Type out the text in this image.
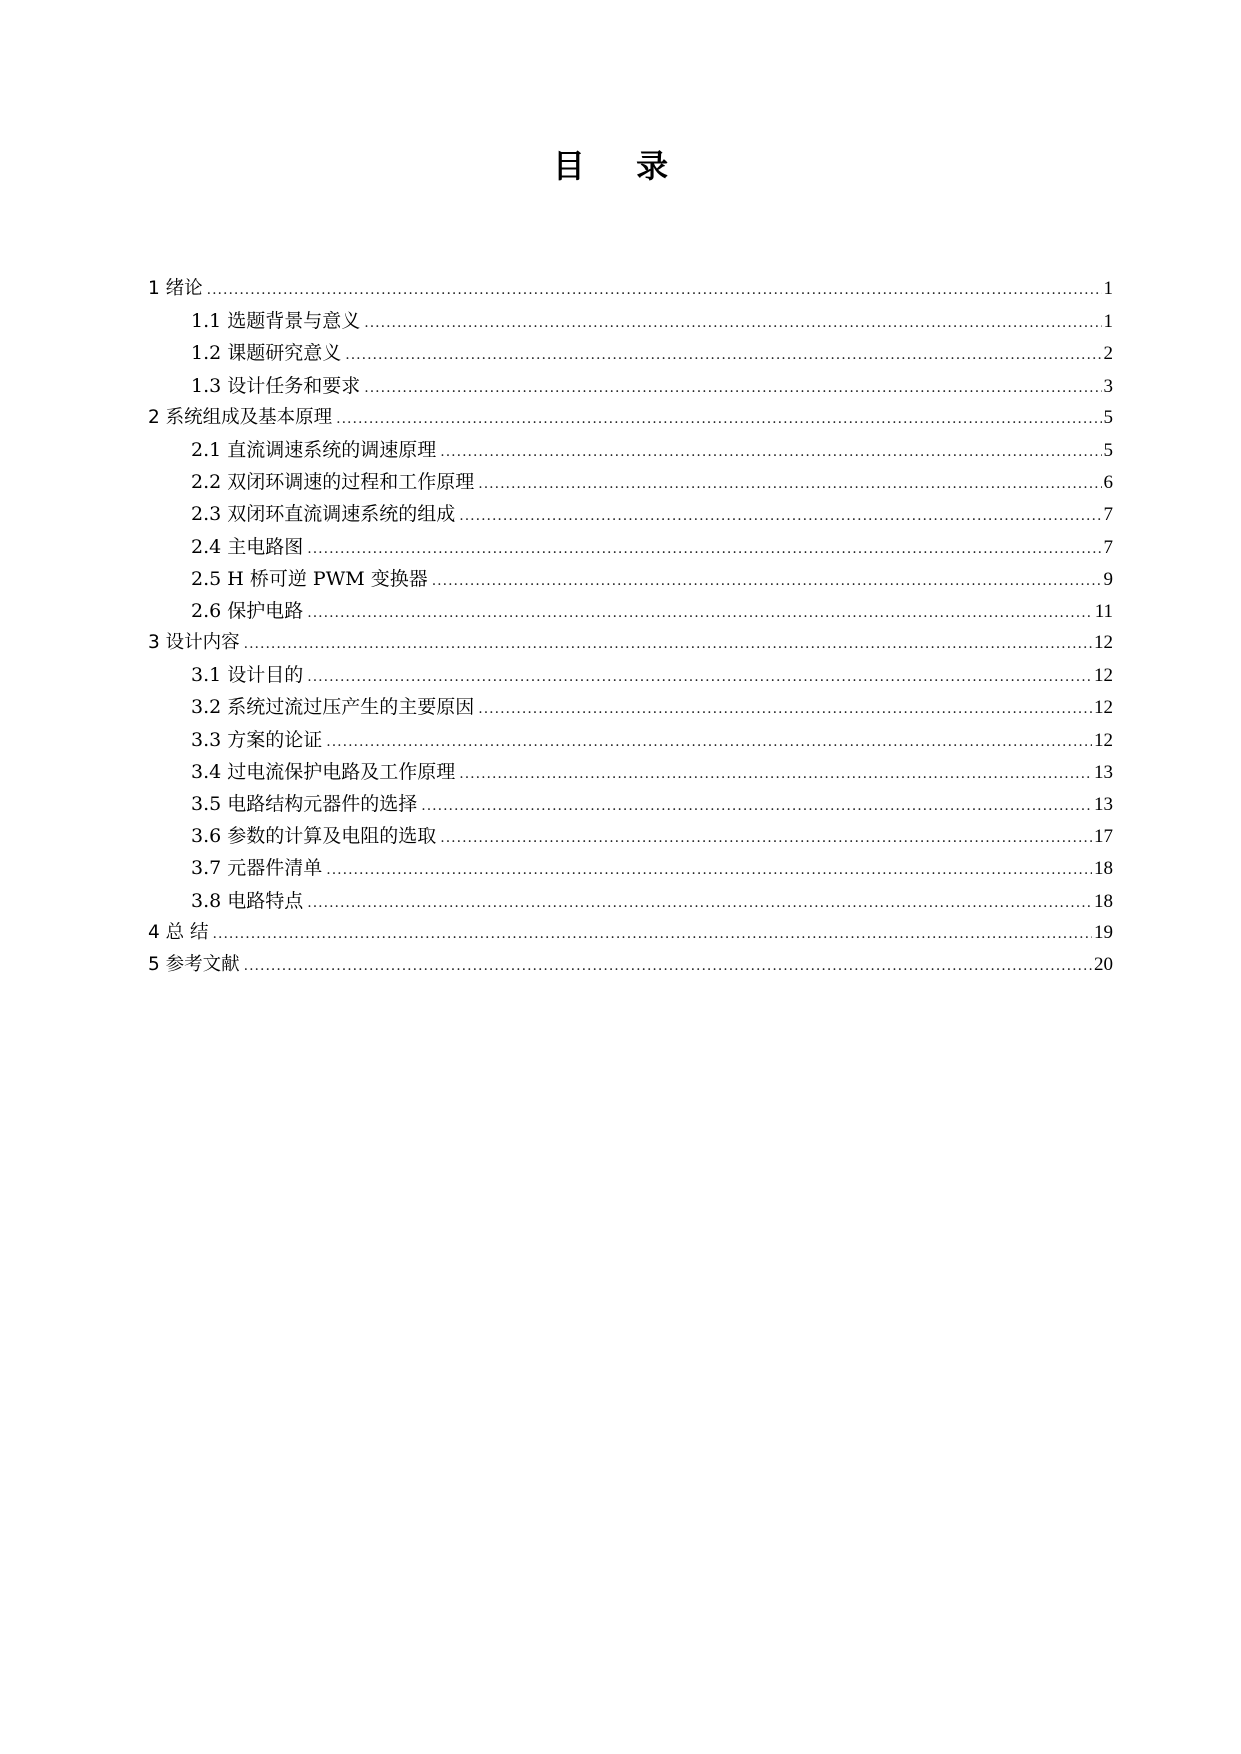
目 录
1 绪论 .....	1
1.1 选题背景与意义 .....	1
1.2 课题研究意义 .....	2
1.3 设计任务和要求 .....	3
2 系统组成及基本原理 .....	5
2.1 直流调速系统的调速原理 .....	5
2.2 双闭环调速的过程和工作原理 .....	6
2.3 双闭环直流调速系统的组成 .....	7
2.4 主电路图 .....	7
2.5 H 桥可逆 PWM 变换器 .....	9
2.6 保护电路 .....	11
3 设计内容 .....	12
3.1 设计目的 .....	12
3.2 系统过流过压产生的主要原因 .....	12
3.3 方案的论证 .....	12
3.4 过电流保护电路及工作原理 .....	13
3.5 电路结构元器件的选择 .....	13
3.6 参数的计算及电阻的选取 .....	17
3.7 元器件清单 .....	18
3.8 电路特点 .....	18
4 总 结 .....	19
5 参考文献 .....	20
